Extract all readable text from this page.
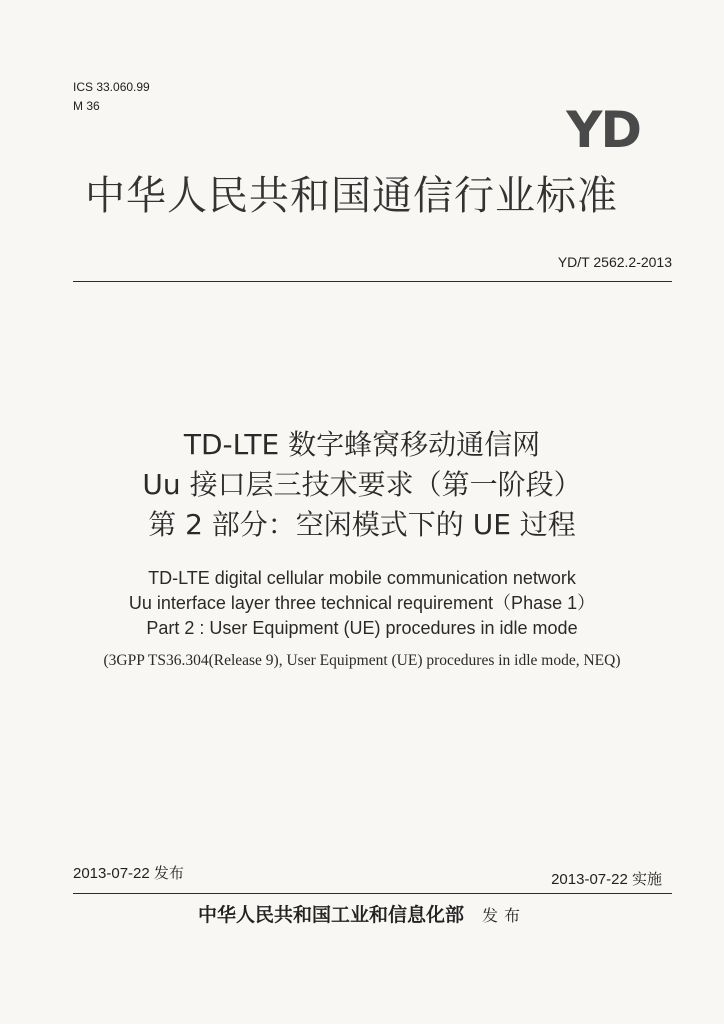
ICS 33.060.99
M 36	YD
中华人民共和国通信行业标准
YD/T 2562.2-2013
TD-LTE 数字蜂窝移动通信网
Uu 接口层三技术要求（第一阶段）
第 2 部分：空闲模式下的 UE 过程
TD-LTE digital cellular mobile communication network
Uu interface layer three technical requirement（Phase 1）
Part 2 : User Equipment (UE) procedures in idle mode
(3GPP TS36.304(Release 9), User Equipment (UE) procedures in idle mode, NEQ)
2013-07-22 发布	2013-07-22 实施
中华人民共和国工业和信息化部 发布
